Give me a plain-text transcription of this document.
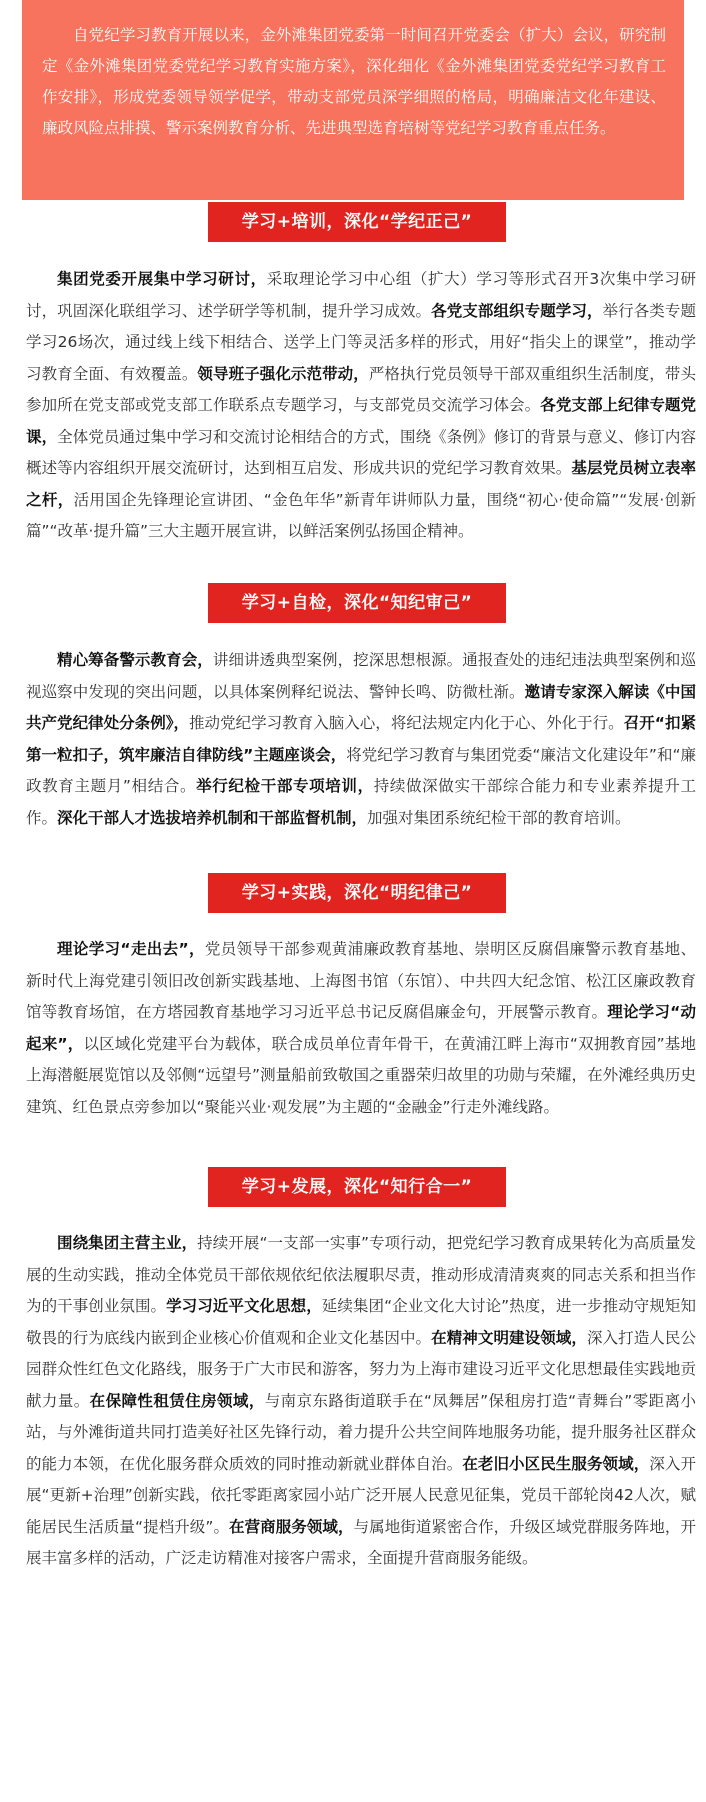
自党纪学习教育开展以来，金外滩集团党委第一时间召开党委会（扩大）会议，研究制定《金外滩集团党委党纪学习教育实施方案》，深化细化《金外滩集团党委党纪学习教育工作安排》，形成党委领导领学促学，带动支部党员深学细照的格局，明确廉洁文化年建设、廉政风险点排摸、警示案例教育分析、先进典型选育培树等党纪学习教育重点任务。

学习+培训，深化“学纪正己”

集团党委开展集中学习研讨，采取理论学习中心组（扩大）学习等形式召开3次集中学习研讨，巩固深化联组学习、述学研学等机制，提升学习成效。各党支部组织专题学习，举行各类专题学习26场次，通过线上线下相结合、送学上门等灵活多样的形式，用好“指尖上的课堂”，推动学习教育全面、有效覆盖。领导班子强化示范带动，严格执行党员领导干部双重组织生活制度，带头参加所在党支部或党支部工作联系点专题学习，与支部党员交流学习体会。各党支部上纪律专题党课，全体党员通过集中学习和交流讨论相结合的方式，围绕《条例》修订的背景与意义、修订内容概述等内容组织开展交流研讨，达到相互启发、形成共识的党纪学习教育效果。基层党员树立表率之杆，活用国企先锋理论宣讲团、“金色年华”新青年讲师队力量，围绕“初心·使命篇”“发展·创新篇”“改革·提升篇”三大主题开展宣讲，以鲜活案例弘扬国企精神。

学习+自检，深化“知纪审己”

精心筹备警示教育会，讲细讲透典型案例，挖深思想根源。通报查处的违纪违法典型案例和巡视巡察中发现的突出问题，以具体案例释纪说法、警钟长鸣、防微杜渐。邀请专家深入解读《中国共产党纪律处分条例》，推动党纪学习教育入脑入心，将纪法规定内化于心、外化于行。召开“扣紧第一粒扣子，筑牢廉洁自律防线”主题座谈会，将党纪学习教育与集团党委“廉洁文化建设年”和“廉政教育主题月”相结合。举行纪检干部专项培训，持续做深做实干部综合能力和专业素养提升工作。深化干部人才选拔培养机制和干部监督机制，加强对集团系统纪检干部的教育培训。

学习+实践，深化“明纪律己”

理论学习“走出去”，党员领导干部参观黄浦廉政教育基地、崇明区反腐倡廉警示教育基地、新时代上海党建引领旧改创新实践基地、上海图书馆（东馆）、中共四大纪念馆、松江区廉政教育馆等教育场馆，在方塔园教育基地学习习近平总书记反腐倡廉金句，开展警示教育。理论学习“动起来”，以区域化党建平台为载体，联合成员单位青年骨干，在黄浦江畔上海市“双拥教育园”基地上海潜艇展览馆以及邻侧“远望号”测量船前致敬国之重器荣归故里的功勋与荣耀，在外滩经典历史建筑、红色景点旁参加以“聚能兴业·观发展”为主题的“金融金”行走外滩线路。

学习+发展，深化“知行合一”

围绕集团主营主业，持续开展“一支部一实事”专项行动，把党纪学习教育成果转化为高质量发展的生动实践，推动全体党员干部依规依纪依法履职尽责，推动形成清清爽爽的同志关系和担当作为的干事创业氛围。学习习近平文化思想，延续集团“企业文化大讨论”热度，进一步推动守规矩知敬畏的行为底线内嵌到企业核心价值观和企业文化基因中。在精神文明建设领域，深入打造人民公园群众性红色文化路线，服务于广大市民和游客，努力为上海市建设习近平文化思想最佳实践地贡献力量。在保障性租赁住房领域，与南京东路街道联手在“凤舞居”保租房打造“青舞台”零距离小站，与外滩街道共同打造美好社区先锋行动，着力提升公共空间阵地服务功能，提升服务社区群众的能力本领，在优化服务群众质效的同时推动新就业群体自治。在老旧小区民生服务领域，深入开展“更新+治理”创新实践，依托零距离家园小站广泛开展人民意见征集，党员干部轮岗42人次，赋能居民生活质量“提档升级”。在营商服务领域，与属地街道紧密合作，升级区域党群服务阵地，开展丰富多样的活动，广泛走访精准对接客户需求，全面提升营商服务能级。
